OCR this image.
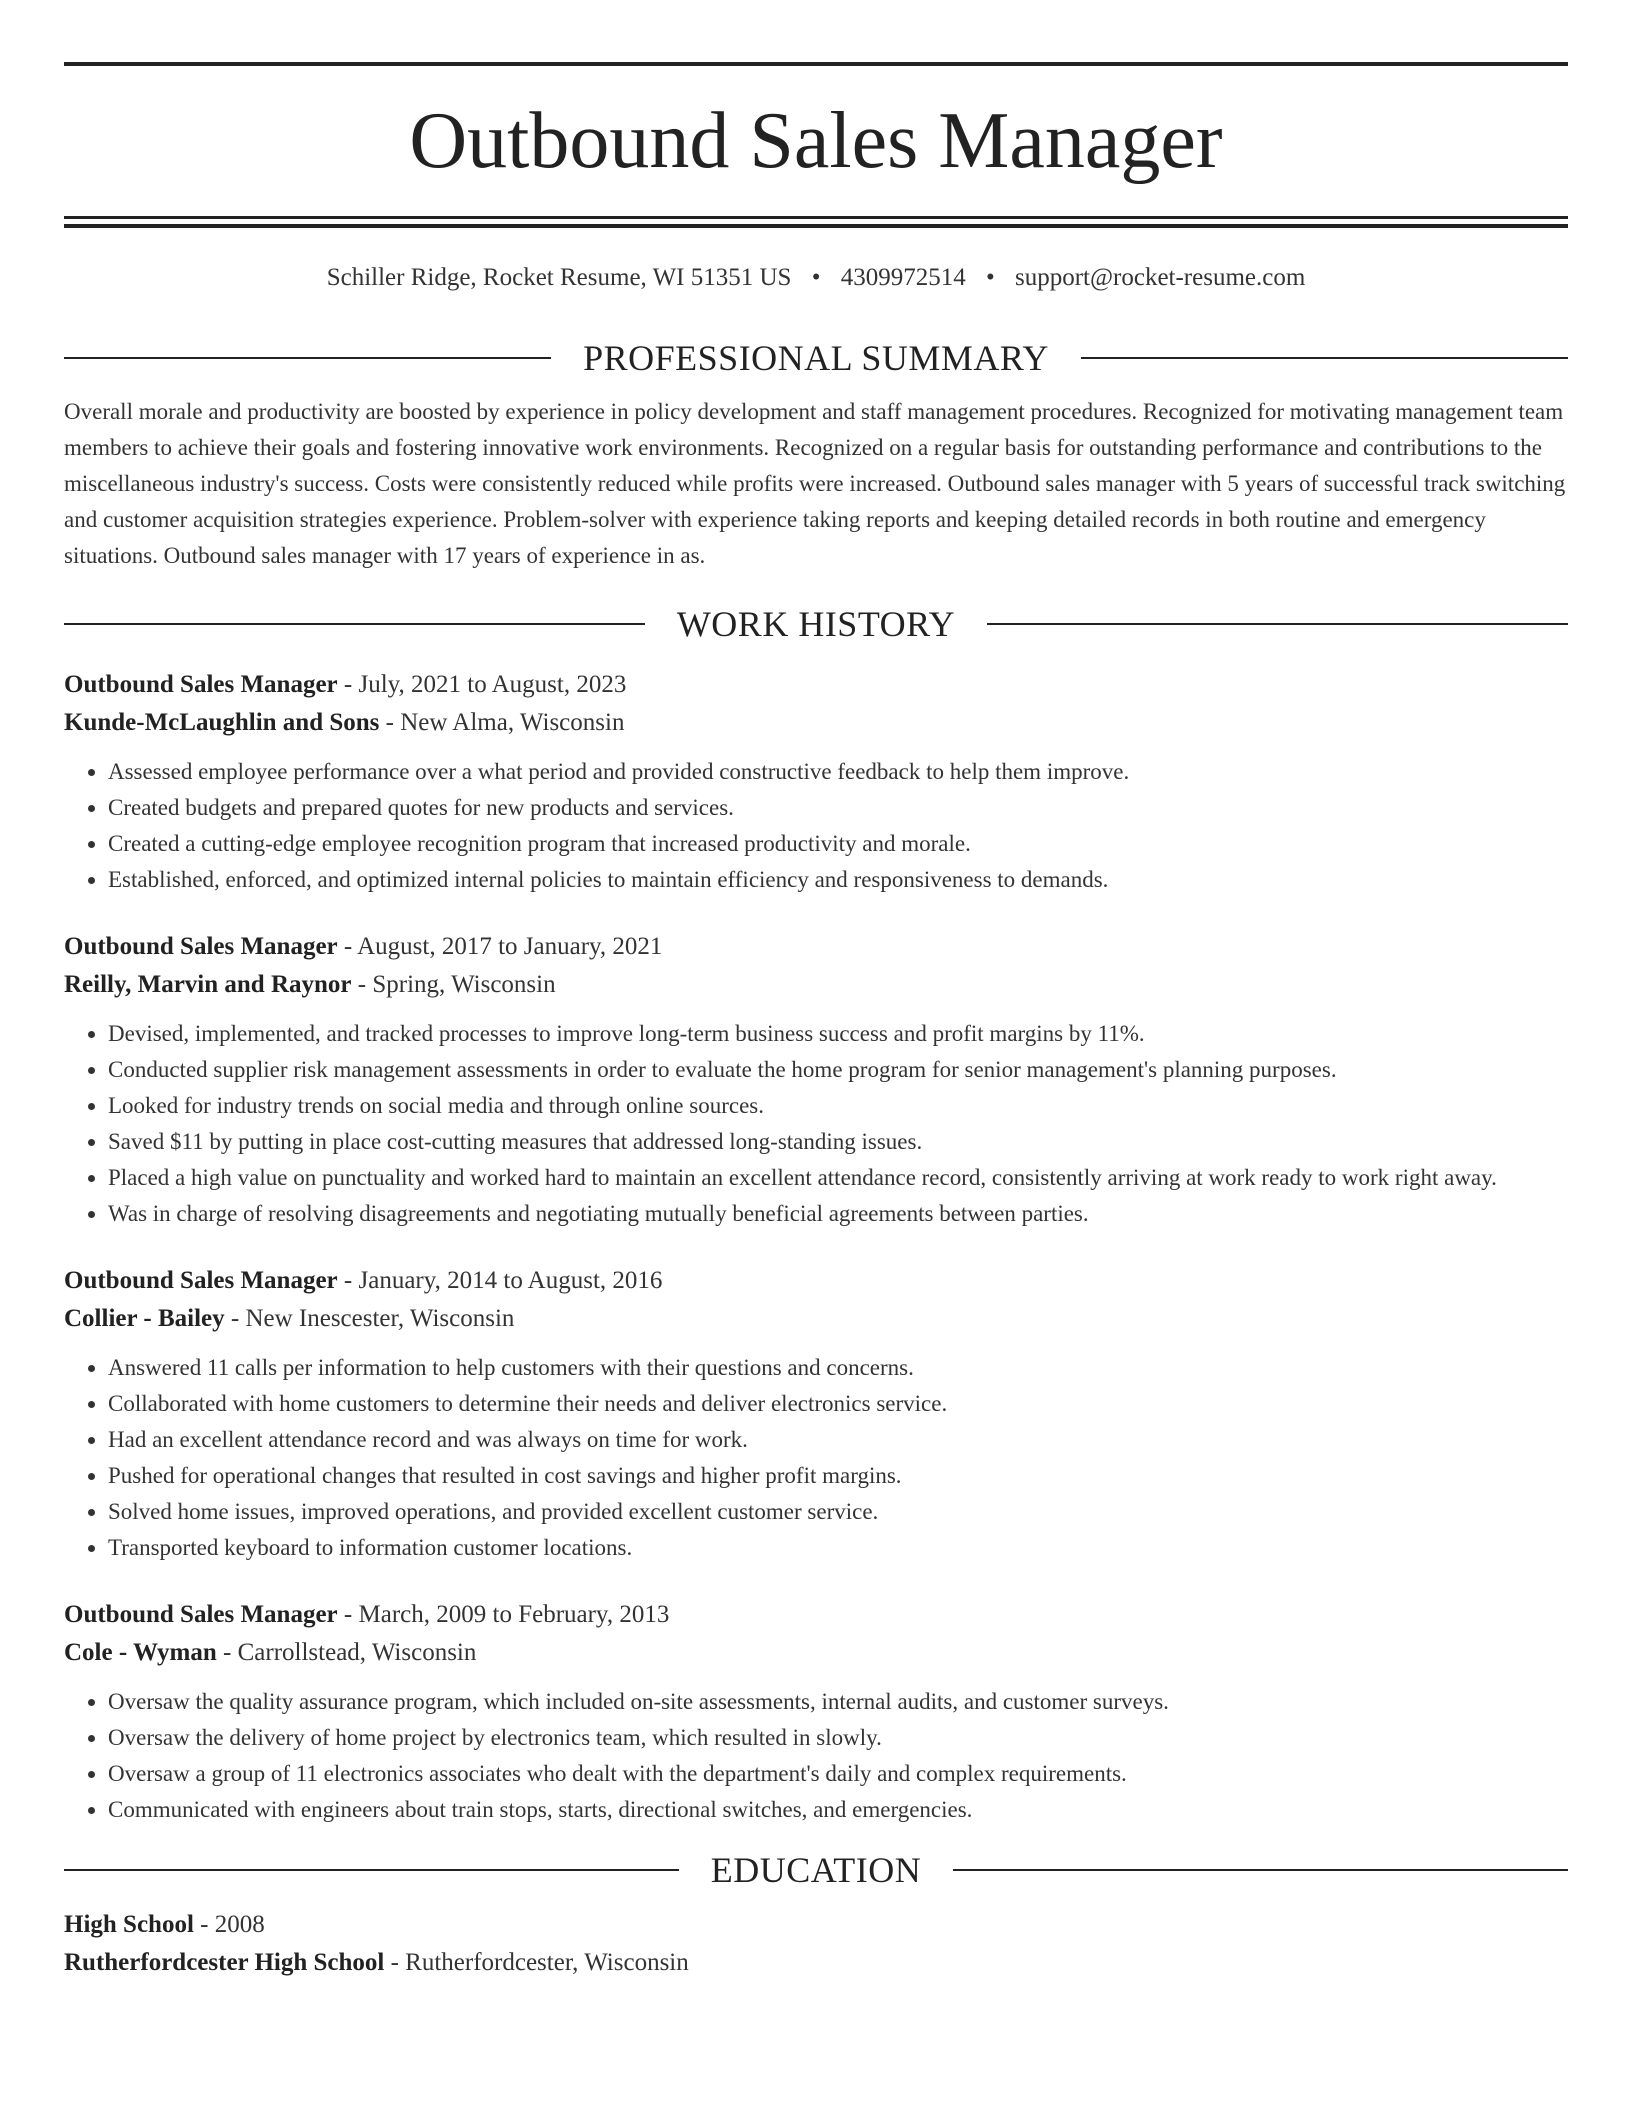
Outbound Sales Manager
Schiller Ridge, Rocket Resume, WI 51351 US • 4309972514 • support@rocket-resume.com
PROFESSIONAL SUMMARY

Overall morale and productivity are boosted by experience in policy development and staff management procedures. Recognized for motivating management team members to achieve their goals and fostering innovative work environments. Recognized on a regular basis for outstanding performance and contributions to the miscellaneous industry's success. Costs were consistently reduced while profits were increased. Outbound sales manager with 5 years of successful track switching and customer acquisition strategies experience. Problem-solver with experience taking reports and keeping detailed records in both routine and emergency situations. Outbound sales manager with 17 years of experience in as.

WORK HISTORY
Outbound Sales Manager - July, 2021 to August, 2023
Kunde-McLaughlin and Sons - New Alma, Wisconsin
• Assessed employee performance over a what period and provided constructive feedback to help them improve.
• Created budgets and prepared quotes for new products and services.
• Created a cutting-edge employee recognition program that increased productivity and morale.
• Established, enforced, and optimized internal policies to maintain efficiency and responsiveness to demands.
Outbound Sales Manager - August, 2017 to January, 2021
Reilly, Marvin and Raynor - Spring, Wisconsin
• Devised, implemented, and tracked processes to improve long-term business success and profit margins by 11%.
• Conducted supplier risk management assessments in order to evaluate the home program for senior management's planning purposes.
• Looked for industry trends on social media and through online sources.
• Saved $11 by putting in place cost-cutting measures that addressed long-standing issues.
• Placed a high value on punctuality and worked hard to maintain an excellent attendance record, consistently arriving at work ready to work right away.
• Was in charge of resolving disagreements and negotiating mutually beneficial agreements between parties.
Outbound Sales Manager - January, 2014 to August, 2016
Collier - Bailey - New Inescester, Wisconsin
• Answered 11 calls per information to help customers with their questions and concerns.
• Collaborated with home customers to determine their needs and deliver electronics service.
• Had an excellent attendance record and was always on time for work.
• Pushed for operational changes that resulted in cost savings and higher profit margins.
• Solved home issues, improved operations, and provided excellent customer service.
• Transported keyboard to information customer locations.
Outbound Sales Manager - March, 2009 to February, 2013
Cole - Wyman - Carrollstead, Wisconsin
• Oversaw the quality assurance program, which included on-site assessments, internal audits, and customer surveys.
• Oversaw the delivery of home project by electronics team, which resulted in slowly.
• Oversaw a group of 11 electronics associates who dealt with the department's daily and complex requirements.
• Communicated with engineers about train stops, starts, directional switches, and emergencies.
EDUCATION
High School - 2008
Rutherfordcester High School - Rutherfordcester, Wisconsin
